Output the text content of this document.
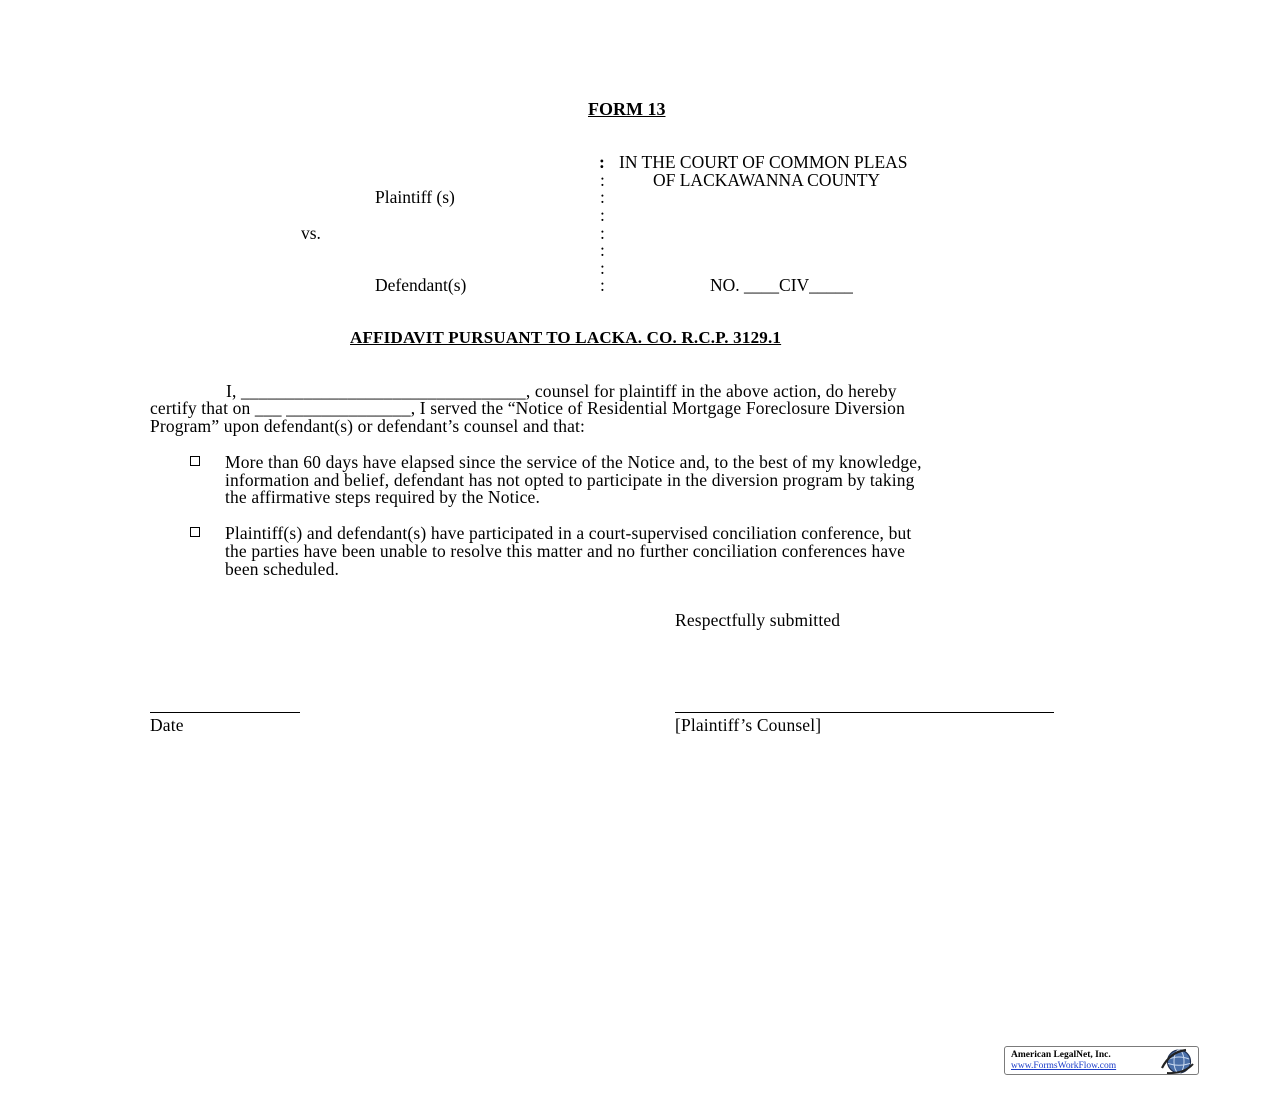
FORM 13
: IN THE COURT OF COMMON PLEAS
:	OF LACKAWANNA COUNTY
Plaintiff (s)	:
:
vs.	:
:
:
Defendant(s)	:	NO. ____CIV_____
AFFIDAVIT PURSUANT TO LACKA. CO. R.C.P. 3129.1
I, ________________________________, counsel for plaintiff in the above action, do hereby
certify that on ___ ______________, I served the “Notice of Residential Mortgage Foreclosure Diversion
Program” upon defendant(s) or defendant’s counsel and that:
More than 60 days have elapsed since the service of the Notice and, to the best of my knowledge,
information and belief, defendant has not opted to participate in the diversion program by taking
the affirmative steps required by the Notice.
Plaintiff(s) and defendant(s) have participated in a court-supervised conciliation conference, but
the parties have been unable to resolve this matter and no further conciliation conferences have
been scheduled.
Respectfully submitted
Date	[Plaintiff’s Counsel]
American LegalNet, Inc.
www.FormsWorkFlow.com
